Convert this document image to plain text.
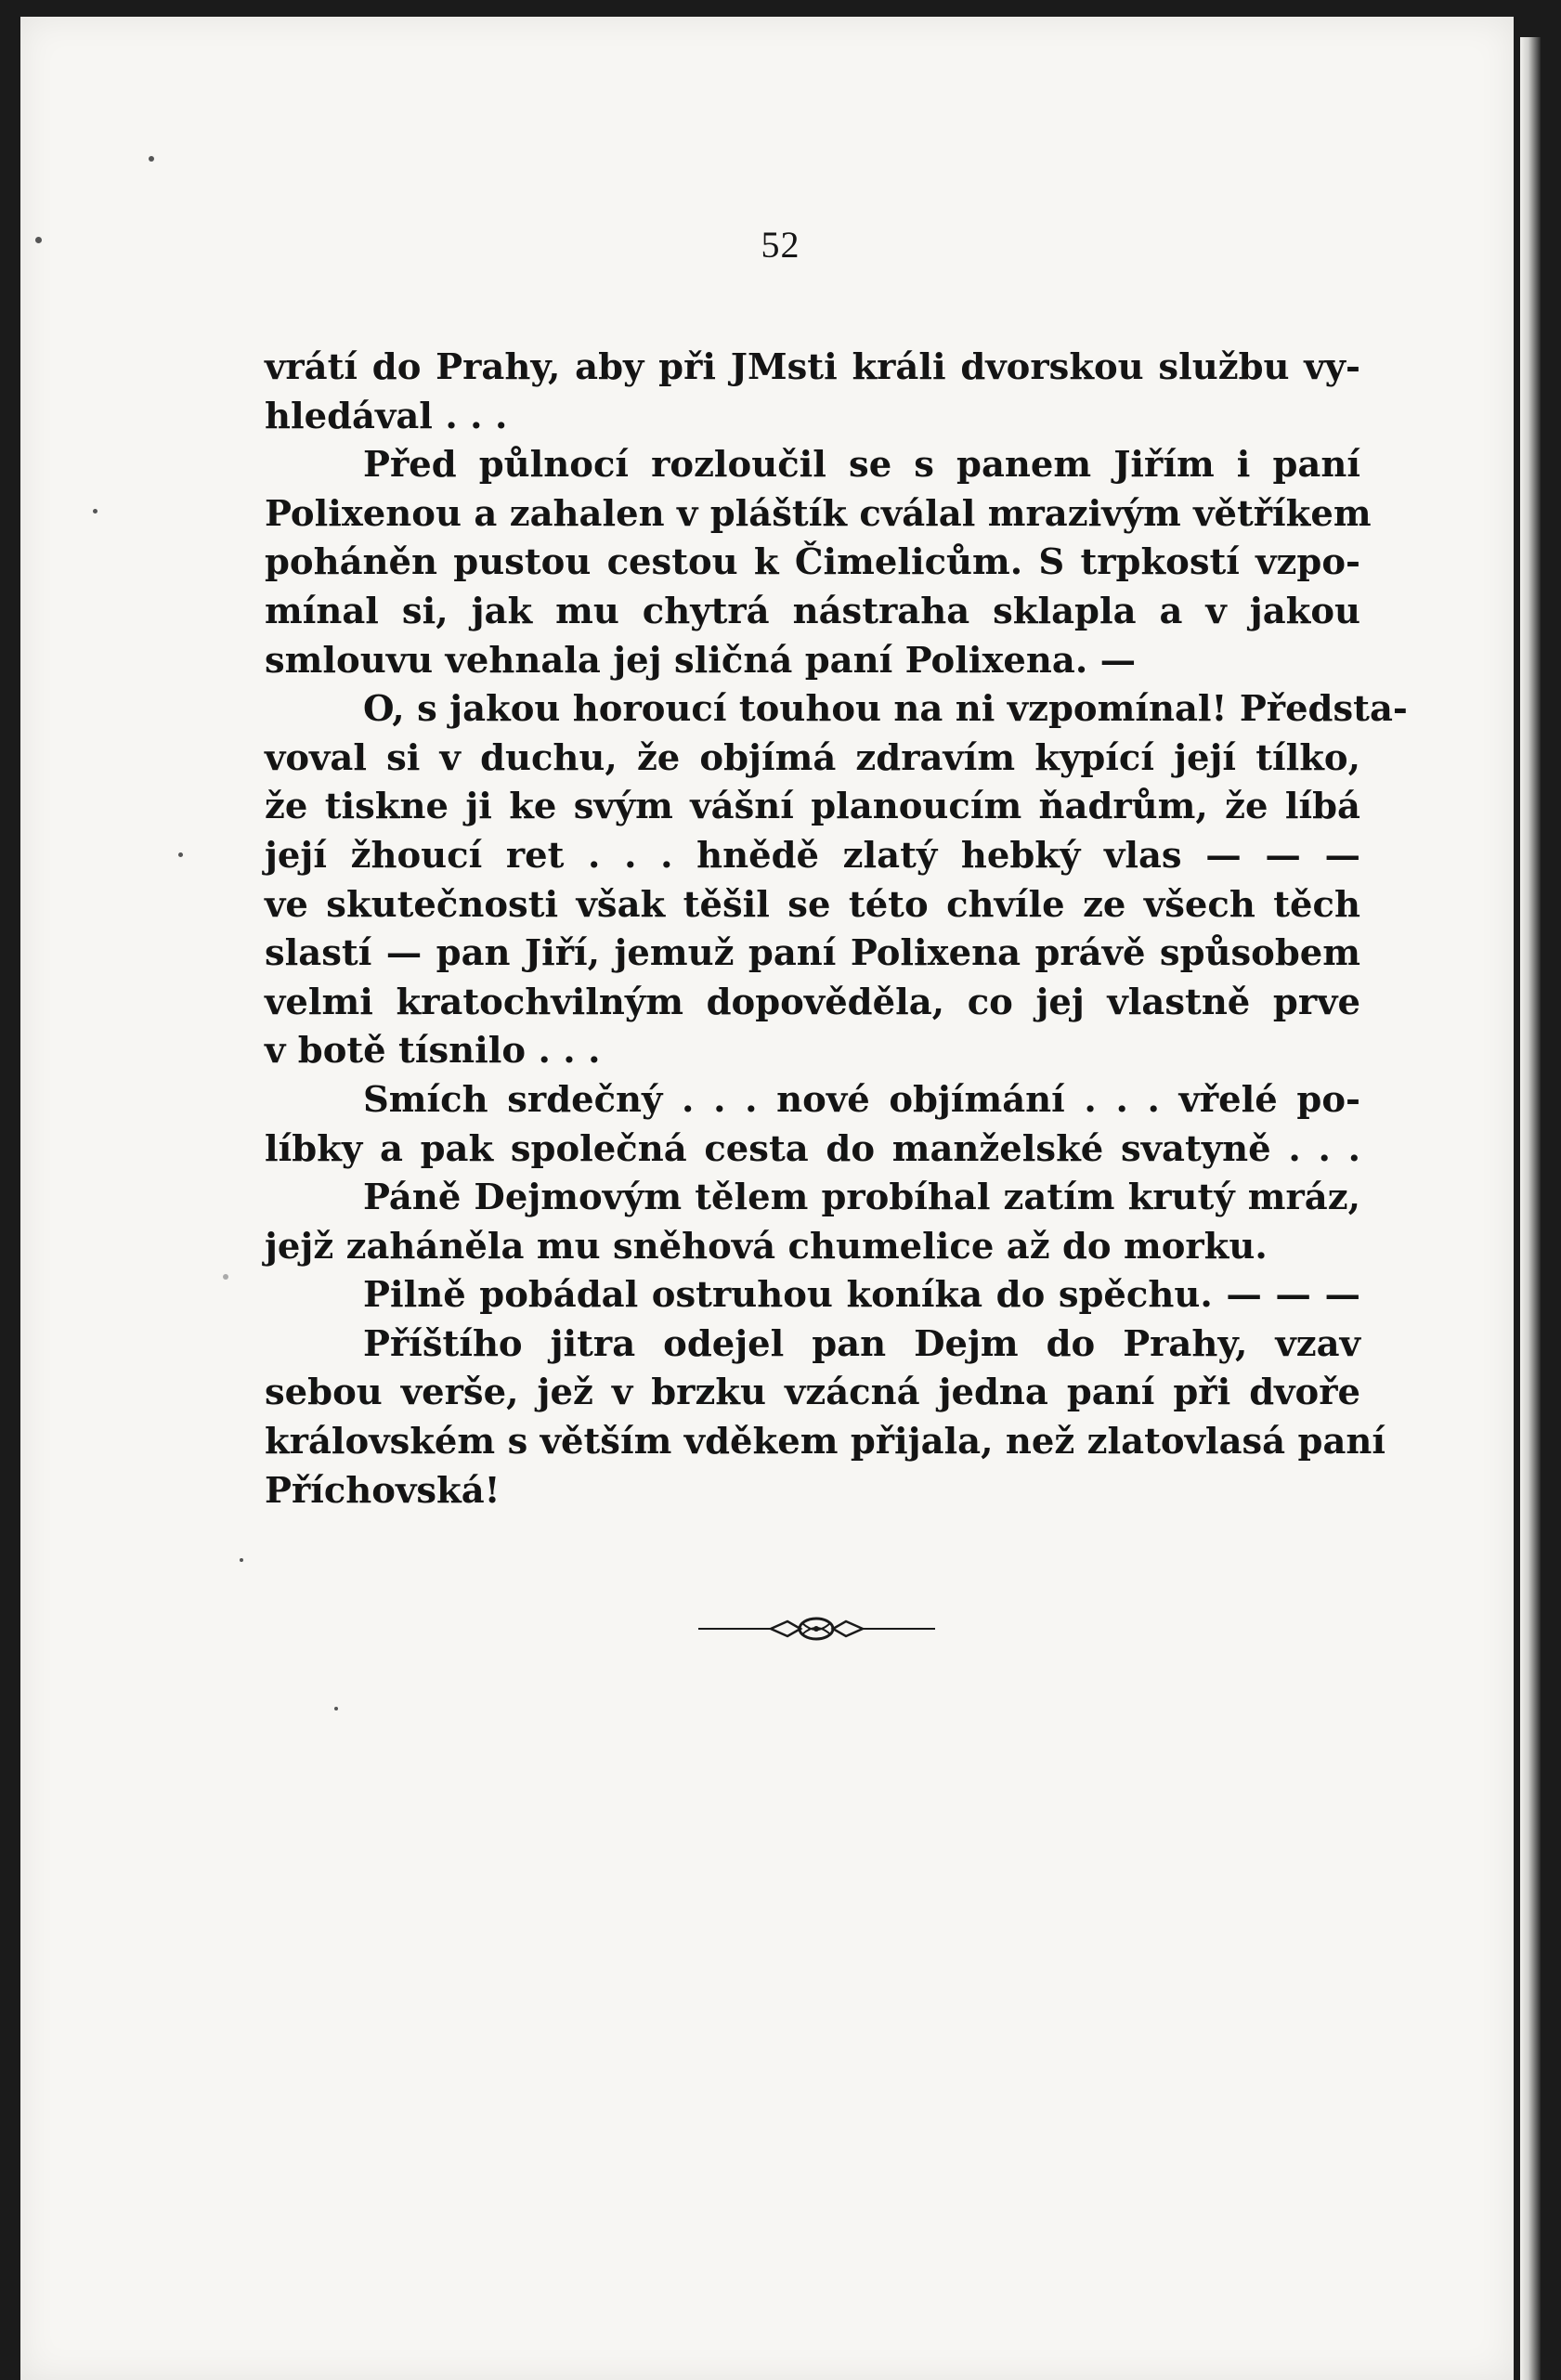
52
vrátí do Prahy, aby při JMsti králi dvorskou službu vy-
hledával . . .
Před půlnocí rozloučil se s panem Jiřím i paní
Polixenou a zahalen v pláštík cválal mrazivým větříkem
poháněn pustou cestou k Čimelicům. S trpkostí vzpo-
mínal si, jak mu chytrá nástraha sklapla a v jakou
smlouvu vehnala jej sličná paní Polixena. —
O, s jakou horoucí touhou na ni vzpomínal! Předsta-
voval si v duchu, že objímá zdravím kypící její tílko,
že tiskne ji ke svým vášní planoucím ňadrům, že líbá
její žhoucí ret . . . hnědě zlatý hebký vlas — — —
ve skutečnosti však těšil se této chvíle ze všech těch
slastí — pan Jiří, jemuž paní Polixena právě spůsobem
velmi kratochvilným dopověděla, co jej vlastně prve
v botě tísnilo . . .
Smích srdečný . . . nové objímání . . . vřelé po-
líbky a pak společná cesta do manželské svatyně . . .
Páně Dejmovým tělem probíhal zatím krutý mráz,
jejž zaháněla mu sněhová chumelice až do morku.
Pilně pobádal ostruhou koníka do spěchu. — — —
Příštího jitra odejel pan Dejm do Prahy, vzav
sebou verše, jež v brzku vzácná jedna paní při dvoře
královském s větším vděkem přijala, než zlatovlasá paní
Příchovská!
